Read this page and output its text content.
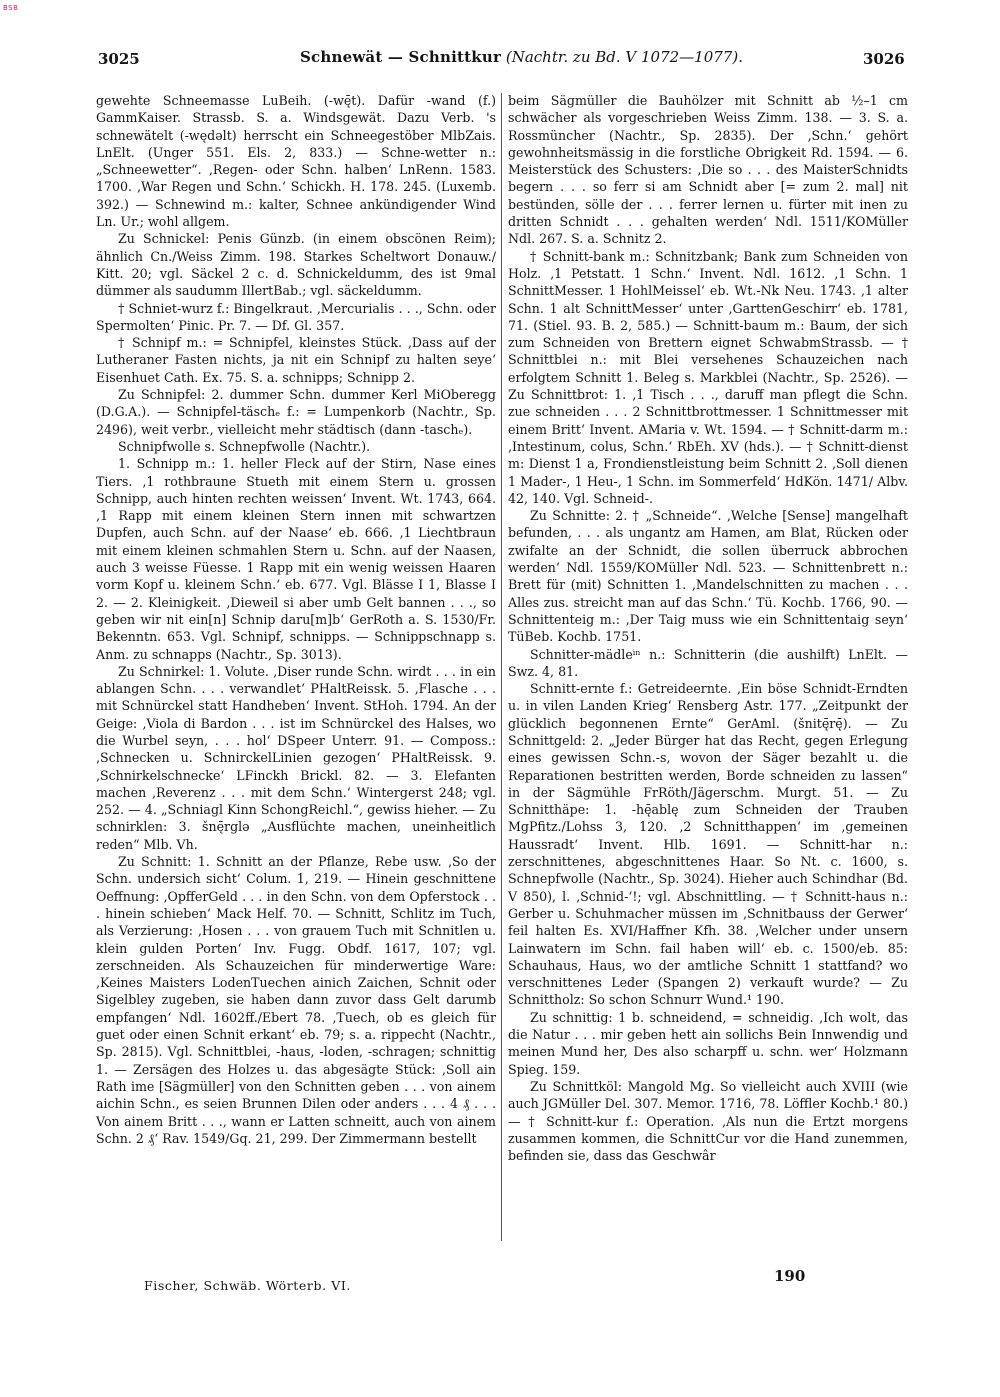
BSB
3025	Schnewät — Schnittkur (Nachtr. zu Bd. V 1072—1077).	3026

gewehte Schneemasse LuBeih. (-wę̄t). Dafür -wand (f.) GammKaiser. Strassb. S. a. Windsgewät. Dazu Verb. 's schnewätelt (-wędəlt) herrscht ein Schneegestöber MlbZais. LnElt. (Unger 551. Els. 2, 833.) — Schne-wetter n.: „Schneewetter“. ‚Regen- oder Schn. halben‘ LnRenn. 1583. 1700. ‚War Regen und Schn.‘ Schickh. H. 178. 245. (Luxemb. 392.) — Schnewind m.: kalter, Schnee ankündigender Wind Ln. Ur.; wohl allgem.

Zu Schnickel: Penis Günzb. (in einem obscönen Reim); ähnlich Cn./Weiss Zimm. 198. Starkes Scheltwort Donauw./ Kitt. 20; vgl. Säckel 2 c. d. Schnickeldumm, des ist 9mal dümmer als saudumm IllertBab.; vgl. säckeldumm.

† Schniet-wurz f.: Bingelkraut. ‚Mercurialis . . ., Schn. oder Spermolten‘ Pinic. Pr. 7. — Df. Gl. 357.

† Schnipf m.: = Schnipfel, kleinstes Stück. ‚Dass auf der Lutheraner Fasten nichts, ja nit ein Schnipf zu halten seye‘ Eisenhuet Cath. Ex. 75. S. a. schnipps; Schnipp 2.

Zu Schnipfel: 2. dummer Schn. dummer Kerl MiOberegg (D.G.A.). — Schnipfel-täschₑ f.: = Lumpenkorb (Nachtr., Sp. 2496), weit verbr., vielleicht mehr städtisch (dann -taschₑ).

Schnipfwolle s. Schnepfwolle (Nachtr.).

1. Schnipp m.: 1. heller Fleck auf der Stirn, Nase eines Tiers. ‚1 rothbraune Stueth mit einem Stern u. grossen Schnipp, auch hinten rechten weissen‘ Invent. Wt. 1743, 664. ‚1 Rapp mit einem kleinen Stern innen mit schwartzen Dupfen, auch Schn. auf der Naase‘ eb. 666. ‚1 Liechtbraun mit einem kleinen schmahlen Stern u. Schn. auf der Naasen, auch 3 weisse Füesse. 1 Rapp mit ein wenig weissen Haaren vorm Kopf u. kleinem Schn.‘ eb. 677. Vgl. Blässe I 1, Blasse I 2. — 2. Kleinigkeit. ‚Dieweil si aber umb Gelt bannen . . ., so geben wir nit ein[n] Schnip daru[m]b‘ GerRoth a. S. 1530/Fr. Bekenntn. 653. Vgl. Schnipf, schnipps. — Schnippschnapp s. Anm. zu schnapps (Nachtr., Sp. 3013).

Zu Schnirkel: 1. Volute. ‚Diser runde Schn. wirdt . . . in ein ablangen Schn. . . . verwandlet‘ PHaltReissk. 5. ‚Flasche . . . mit Schnürckel statt Handheben‘ Invent. StHoh. 1794. An der Geige: ‚Viola di Bardon . . . ist im Schnürckel des Halses, wo die Wurbel seyn, . . . hol‘ DSpeer Unterr. 91. — Composs.: ‚Schnecken u. SchnirckelLinien gezogen‘ PHaltReissk. 9. ‚Schnirkelschnecke‘ LFinckh Brickl. 82. — 3. Elefanten machen ‚Reverenz . . . mit dem Schn.‘ Wintergerst 248; vgl. 252. — 4. „Schniagl Kinn SchongReichl.“, gewiss hieher. — Zu schnirklen: 3. šnę̄rglə „Ausflüchte machen, uneinheitlich reden“ Mlb. Vh.

Zu Schnitt: 1. Schnitt an der Pflanze, Rebe usw. ‚So der Schn. undersich sicht‘ Colum. 1, 219. — Hinein geschnittene Oeffnung: ‚OpfferGeld . . . in den Schn. von dem Opferstock . . . hinein schieben‘ Mack Helf. 70. — Schnitt, Schlitz im Tuch, als Verzierung: ‚Hosen . . . von grauem Tuch mit Schnitlen u. klein gulden Porten‘ Inv. Fugg. Obdf. 1617, 107; vgl. zerschneiden. Als Schauzeichen für minderwertige Ware: ‚Keines Maisters LodenTuechen ainich Zaichen, Schnit oder Sigelbley zugeben, sie haben dann zuvor dass Gelt darumb empfangen‘ Ndl. 1602ff./Ebert 78. ‚Tuech, ob es gleich für guet oder einen Schnit erkant‘ eb. 79; s. a. rippecht (Nachtr., Sp. 2815). Vgl. Schnittblei, -haus, -loden, -schragen; schnittig 1. — Zersägen des Holzes u. das abgesägte Stück: ‚Soll ain Rath ime [Sägmüller] von den Schnitten geben . . . von ainem aichin Schn., es seien Brunnen Dilen oder anders . . . 4 ₰ . . . Von ainem Britt . . ., wann er Latten schneitt, auch von ainem Schn. 2 ₰‘ Rav. 1549/Gq. 21, 299. Der Zimmermann bestellt

beim Sägmüller die Bauhölzer mit Schnitt ab ½–1 cm schwächer als vorgeschrieben Weiss Zimm. 138. — 3. S. a. Rossmüncher (Nachtr., Sp. 2835). Der ‚Schn.‘ gehört gewohnheitsmässig in die forstliche Obrigkeit Rd. 1594. — 6. Meisterstück des Schusters: ‚Die so . . . des MaisterSchnidts begern . . . so ferr si am Schnidt aber [= zum 2. mal] nit bestünden, sölle der . . . ferrer lernen u. fürter mit inen zu dritten Schnidt . . . gehalten werden‘ Ndl. 1511/KOMüller Ndl. 267. S. a. Schnitz 2.

† Schnitt-bank m.: Schnitzbank; Bank zum Schneiden von Holz. ‚1 Petstatt. 1 Schn.‘ Invent. Ndl. 1612. ‚1 Schn. 1 SchnittMesser. 1 HohlMeissel‘ eb. Wt.-Nk Neu. 1743. ‚1 alter Schn. 1 alt SchnittMesser‘ unter ‚GarttenGeschirr‘ eb. 1781, 71. (Stiel. 93. B. 2, 585.) — Schnitt-baum m.: Baum, der sich zum Schneiden von Brettern eignet SchwabmStrassb. — † Schnittblei n.: mit Blei versehenes Schauzeichen nach erfolgtem Schnitt 1. Beleg s. Markblei (Nachtr., Sp. 2526). — Zu Schnittbrot: 1. ‚1 Tisch . . ., daruff man pflegt die Schn. zue schneiden . . . 2 Schnittbrottmesser. 1 Schnittmesser mit einem Britt‘ Invent. AMaria v. Wt. 1594. — † Schnitt-darm m.: ‚Intestinum, colus, Schn.‘ RbEh. XV (hds.). — † Schnitt-dienst m: Dienst 1 a, Frondienstleistung beim Schnitt 2. ‚Soll dienen 1 Mader-, 1 Heu-, 1 Schn. im Sommerfeld‘ HdKön. 1471/ Albv. 42, 140. Vgl. Schneid-.

Zu Schnitte: 2. † „Schneide“. ‚Welche [Sense] mangelhaft befunden, . . . als ungantz am Hamen, am Blat, Rücken oder zwifalte an der Schnidt, die sollen überruck abbrochen werden‘ Ndl. 1559/KOMüller Ndl. 523. — Schnittenbrett n.: Brett für (mit) Schnitten 1. ‚Mandelschnitten zu machen . . . Alles zus. streicht man auf das Schn.‘ Tü. Kochb. 1766, 90. — Schnittenteig m.: ‚Der Taig muss wie ein Schnittentaig seyn‘ TüBeb. Kochb. 1751.

Schnitter-mädleⁱⁿ n.: Schnitterin (die aushilft) LnElt. — Swz. 4, 81.

Schnitt-ernte f.: Getreideernte. ‚Ein böse Schnidt-Erndten u. in vilen Landen Krieg‘ Rensberg Astr. 177. „Zeitpunkt der glücklich begonnenen Ernte“ GerAml. (šnitę̄rę̄). — Zu Schnittgeld: 2. „Jeder Bürger hat das Recht, gegen Erlegung eines gewissen Schn.-s, wovon der Säger bezahlt u. die Reparationen bestritten werden, Borde schneiden zu lassen“ in der Sägmühle FrRöth/Jägerschm. Murgt. 51. — Zu Schnitthäpe: 1. -hę̄ablę zum Schneiden der Trauben MgPfitz./Lohss 3, 120. ‚2 Schnitthappen‘ im ‚gemeinen Haussradt‘ Invent. Hlb. 1691. — Schnitt-har n.: zerschnittenes, abgeschnittenes Haar. So Nt. c. 1600, s. Schnepfwolle (Nachtr., Sp. 3024). Hieher auch Schindhar (Bd. V 850), l. ‚Schnid-‘!; vgl. Abschnittling. — † Schnitt-haus n.: Gerber u. Schuhmacher müssen im ‚Schnitbauss der Gerwer‘ feil halten Es. XVI/Haffner Kfh. 38. ‚Welcher under unsern Lainwatern im Schn. fail haben will‘ eb. c. 1500/eb. 85: Schauhaus, Haus, wo der amtliche Schnitt 1 stattfand? wo verschnittenes Leder (Spangen 2) verkauft wurde? — Zu Schnittholz: So schon Schnurr Wund.¹ 190.

Zu schnittig: 1 b. schneidend, = schneidig. ‚Ich wolt, das die Natur . . . mir geben hett ain sollichs Bein Innwendig und meinen Mund her, Des also scharpff u. schn. wer‘ Holzmann Spieg. 159.

Zu Schnittköl: Mangold Mg. So vielleicht auch XVIII (wie auch JGMüller Del. 307. Memor. 1716, 78. Löffler Kochb.¹ 80.) — † Schnitt-kur f.: Operation. ‚Als nun die Ertzt morgens zusammen kommen, die SchnittCur vor die Hand zunemmen, befinden sie, dass das Geschwâr

Fischer, Schwäb. Wörterb. VI.
190
